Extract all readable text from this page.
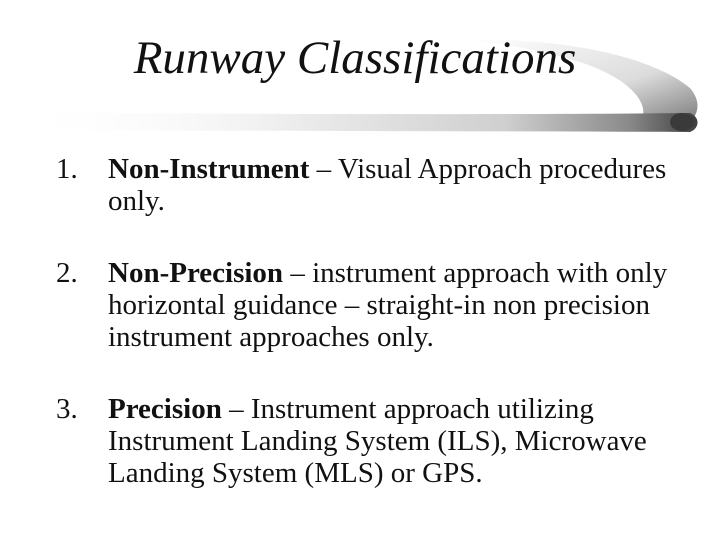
Runway Classifications
1.	Non-Instrument – Visual Approach procedures only.
2.	Non-Precision – instrument approach with only horizontal guidance – straight-in non precision instrument approaches only.
3.	Precision – Instrument approach utilizing Instrument Landing System (ILS), Microwave Landing System (MLS) or GPS.
